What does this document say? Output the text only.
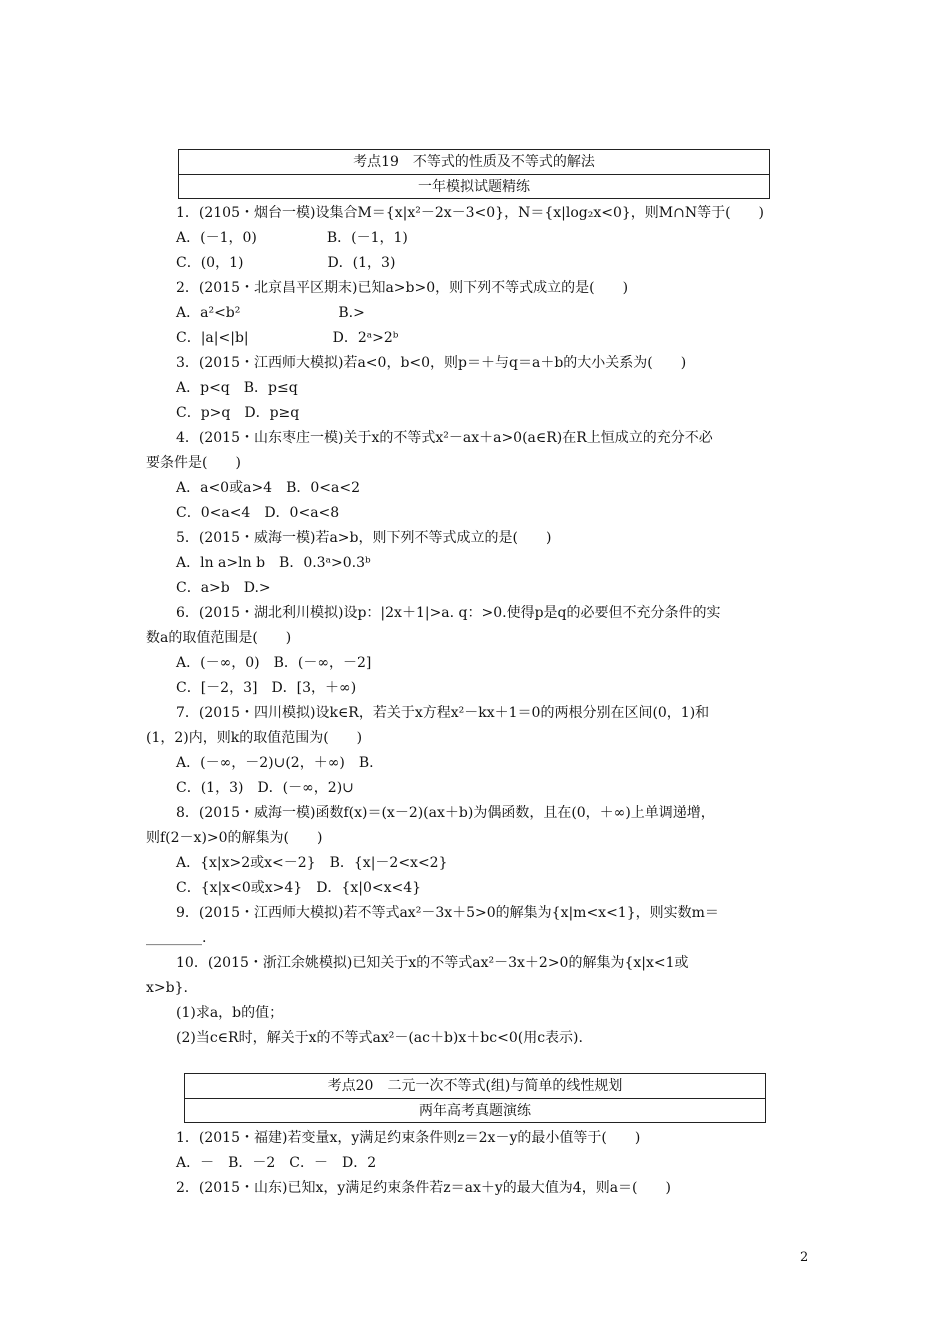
考点19　不等式的性质及不等式的解法
一年模拟试题精练
1．(2105・烟台一模)设集合M＝{x|x²－2x－3<0}，N＝{x|log₂x<0}，则M∩N等于(　　)
A．(－1，0)　　　　　B．(－1，1)
C．(0，1)　　　　　　D．(1，3)
2．(2015・北京昌平区期末)已知a>b>0，则下列不等式成立的是(　　)
A．a²<b²　　　　　　　B.>
C．|a|<|b|　　　　　　D．2ᵃ>2ᵇ
3．(2015・江西师大模拟)若a<0，b<0，则p＝＋与q＝a＋b的大小关系为(　　)
A．p<q　B．p≤q
C．p>q　D．p≥q
4．(2015・山东枣庄一模)关于x的不等式x²－ax＋a>0(a∈R)在R上恒成立的充分不必
要条件是(　　)
A．a<0或a>4　B．0<a<2
C．0<a<4　D．0<a<8
5．(2015・威海一模)若a>b，则下列不等式成立的是(　　)
A．ln a>ln b　B．0.3ᵃ>0.3ᵇ
C．a>b　D.>
6．(2015・湖北利川模拟)设p：|2x＋1|>a. q：>0.使得p是q的必要但不充分条件的实
数a的取值范围是(　　)
A．(－∞，0)　B．(－∞，－2]
C．[－2，3]　D．[3，＋∞)
7．(2015・四川模拟)设k∈R，若关于x方程x²－kx＋1＝0的两根分别在区间(0，1)和
(1，2)内，则k的取值范围为(　　)
A．(－∞，－2)∪(2，＋∞)　B.
C．(1，3)　D．(－∞，2)∪
8．(2015・威海一模)函数f(x)＝(x－2)(ax＋b)为偶函数，且在(0，＋∞)上单调递增，
则f(2－x)>0的解集为(　　)
A．{x|x>2或x<－2}　B．{x|－2<x<2}
C．{x|x<0或x>4}　D．{x|0<x<4}
9．(2015・江西师大模拟)若不等式ax²－3x＋5>0的解集为{x|m<x<1}，则实数m＝
________.
10．(2015・浙江余姚模拟)已知关于x的不等式ax²－3x＋2>0的解集为{x|x<1或
x>b}.
(1)求a，b的值；
(2)当c∈R时，解关于x的不等式ax²－(ac＋b)x＋bc<0(用c表示).
考点20　二元一次不等式(组)与简单的线性规划
两年高考真题演练
1．(2015・福建)若变量x，y满足约束条件则z＝2x－y的最小值等于(　　)
A．－　B．－2　C．－　D．2
2．(2015・山东)已知x，y满足约束条件若z＝ax＋y的最大值为4，则a＝(　　)
2
